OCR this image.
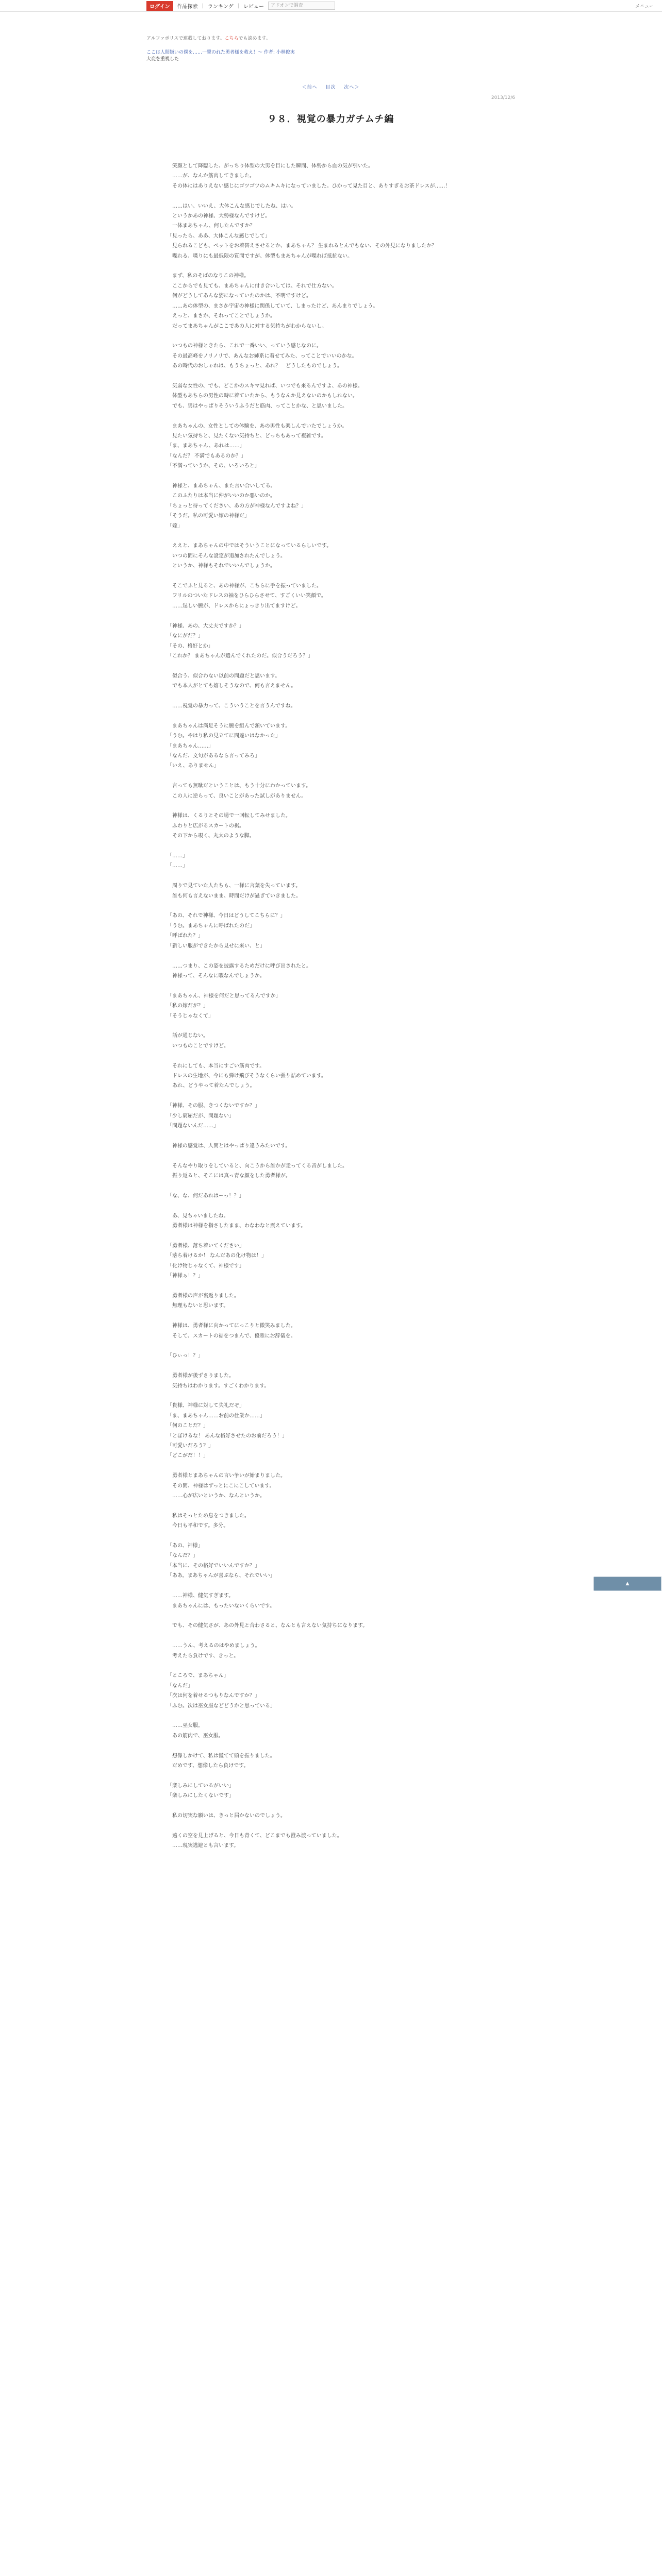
ログイン	作品探索 | ランキング | レビュー	アドオンで調査	メニュー
アルファポリスで連載しております。こちらでも読めます。
ここは人間嫌いの僕を……一撃のれた勇者様を救え！～ 作者: 小林俊実
大変を重視した
＜前へ 目次 次へ＞
2013/12/6
９８．視覚の暴力ガチムチ編
　笑顔として降臨した、がっちり体型の大男を目にした瞬間、体勢から血の気が引いた。
　……が、なんか筋肉してきました。
　その体にはありえない感じにゴツゴツのムキムキになっていました。ひかって見た目と、ありすぎるお茶ドレスが……！

　……はい、いいえ、大体こんな感じでしたね、はい。
　というかあの神様、大勢様なんですけど。
　一体まあちゃん、何したんですか？
「見ったら、ああ、大体こんな感じでして」
　見られるこども、ペットをお着替えさせるとか、まあちゃん？ 生まれるとんでもない、その外見になりましたか？
　喋れる、喋りにも最低限の質問ですが、体型もまあちゃんが喋れば抵抗ない。

　まず、私のそばのなりこの神様。
　ここからでも見ても、まあちゃんに付き合いしては、それで仕方ない。
　何がどうしてあんな姿になっていたのかは、不明ですけど。
　……あの体型の、まさか宇宙の神様に関係していて、しまったけど、あんまりでしょう。
　えっと、まさか、それってことでしょうか。
　だってまあちゃんがここであの人に対する気持ちがわからないし。

　いつもの神様ときたら、これで一番いい、っていう感じなのに。
　その最高峰をノリノリで、あんなお姉系に着せてみた、ってことでいいのかな。
　あの時代のおしゃれは、もうちょっと、あれ？　どうしたものでしょう。

　気弱な女性の、でも、どこかのスキマ見れば、いつでも来るんですよ、あの神様。
　体型もあちらの男性の時に着ていたから、もうなんか見えないのかもしれない。
　でも、男はやっぱりそういうふうだと筋肉、ってことかな、と思いました。

　まあちゃんの、女性としての体験を、あの男性も楽しんでいたでしょうか。
　見たい気持ちと、見たくない気持ちと、どっちもあって複雑です。
「ま、まあちゃん、あれは……」
「なんだ？ 不満でもあるのか？」
「不満っていうか、その、いろいろと」

　神様と、まあちゃん、また言い合いしてる。
　このふたりは本当に仲がいいのか悪いのか。
「ちょっと待ってください、あの方が神様なんですよね？」
「そうだ。私の可愛い嫁の神様だ」
「嫁」

　ええと、まあちゃんの中ではそういうことになっているらしいです。
　いつの間にそんな設定が追加されたんでしょう。
　というか、神様もそれでいいんでしょうか。

　そこでふと見ると、あの神様が、こちらに手を振っていました。
　フリルのついたドレスの袖をひらひらさせて、すごくいい笑顔で。
　……逞しい腕が、ドレスからにょっきり出てますけど。

「神様、あの、大丈夫ですか？」
「なにがだ？」
「その、格好とか」
「これか？ まあちゃんが選んでくれたのだ。似合うだろう？」

　似合う、似合わない以前の問題だと思います。
　でも本人がとても嬉しそうなので、何も言えません。

　……視覚の暴力って、こういうことを言うんですね。

　まあちゃんは満足そうに腕を組んで頷いています。
「うむ。やはり私の見立てに間違いはなかった」
「まあちゃん……」
「なんだ、文句があるなら言ってみろ」
「いえ、ありません」

　言っても無駄だということは、もう十分にわかっています。
　この人に逆らって、良いことがあった試しがありません。

　神様は、くるりとその場で一回転してみせました。
　ふわりと広がるスカートの裾。
　その下から覗く、丸太のような脚。

「……」
「……」

　周りで見ていた人たちも、一様に言葉を失っています。
　誰も何も言えないまま、時間だけが過ぎていきました。

「あの、それで神様、今日はどうしてこちらに？」
「うむ。まあちゃんに呼ばれたのだ」
「呼ばれた？」
「新しい服ができたから見せに来い、と」

　……つまり、この姿を披露するためだけに呼び出されたと。
　神様って、そんなに暇なんでしょうか。

「まあちゃん、神様を何だと思ってるんですか」
「私の嫁だが？」
「そうじゃなくて」

　話が通じない。
　いつものことですけど。

　それにしても、本当にすごい筋肉です。
　ドレスの生地が、今にも弾け飛びそうなくらい張り詰めています。
　あれ、どうやって着たんでしょう。

「神様、その服、きつくないですか？」
「少し窮屈だが、問題ない」
「問題ないんだ……」

　神様の感覚は、人間とはやっぱり違うみたいです。

　そんなやり取りをしていると、向こうから誰かが走ってくる音がしました。
　振り返ると、そこには真っ青な顔をした勇者様が。

「な、な、何だあれはーっ！？」

　あ、見ちゃいましたね。
　勇者様は神様を指さしたまま、わなわなと震えています。

「勇者様、落ち着いてください」
「落ち着けるか！ なんだあの化け物は！」
「化け物じゃなくて、神様です」
「神様ぁ！？」

　勇者様の声が裏返りました。
　無理もないと思います。

　神様は、勇者様に向かってにっこりと微笑みました。
　そして、スカートの裾をつまんで、優雅にお辞儀を。

「ひぃっ！？」

　勇者様が後ずさりました。
　気持ちはわかります。すごくわかります。

「貴様、神様に対して失礼だぞ」
「ま、まあちゃん……お前の仕業か……」
「何のことだ？」
「とぼけるな！ あんな格好させたのお前だろう！」
「可愛いだろう？」
「どこがだ！！」

　勇者様とまあちゃんの言い争いが始まりました。
　その間、神様はずっとにこにこしています。
　……心が広いというか、なんというか。

　私はそっとため息をつきました。
　今日も平和です。多分。

「あの、神様」
「なんだ？」
「本当に、その格好でいいんですか？」
「ああ。まあちゃんが喜ぶなら、それでいい」

　……神様、健気すぎます。
　まあちゃんには、もったいないくらいです。

　でも、その健気さが、あの外見と合わさると、なんとも言えない気持ちになります。

　……うん、考えるのはやめましょう。
　考えたら負けです、きっと。

「ところで、まあちゃん」
「なんだ」
「次は何を着せるつもりなんですか？」
「ふむ。次は巫女服などどうかと思っている」

　……巫女服。
　あの筋肉で、巫女服。

　想像しかけて、私は慌てて頭を振りました。
　だめです、想像したら負けです。

「楽しみにしているがいい」
「楽しみにしたくないです」

　私の切実な願いは、きっと届かないのでしょう。

　遠くの空を見上げると、今日も青くて、どこまでも澄み渡っていました。
　……現実逃避とも言います。
▲
